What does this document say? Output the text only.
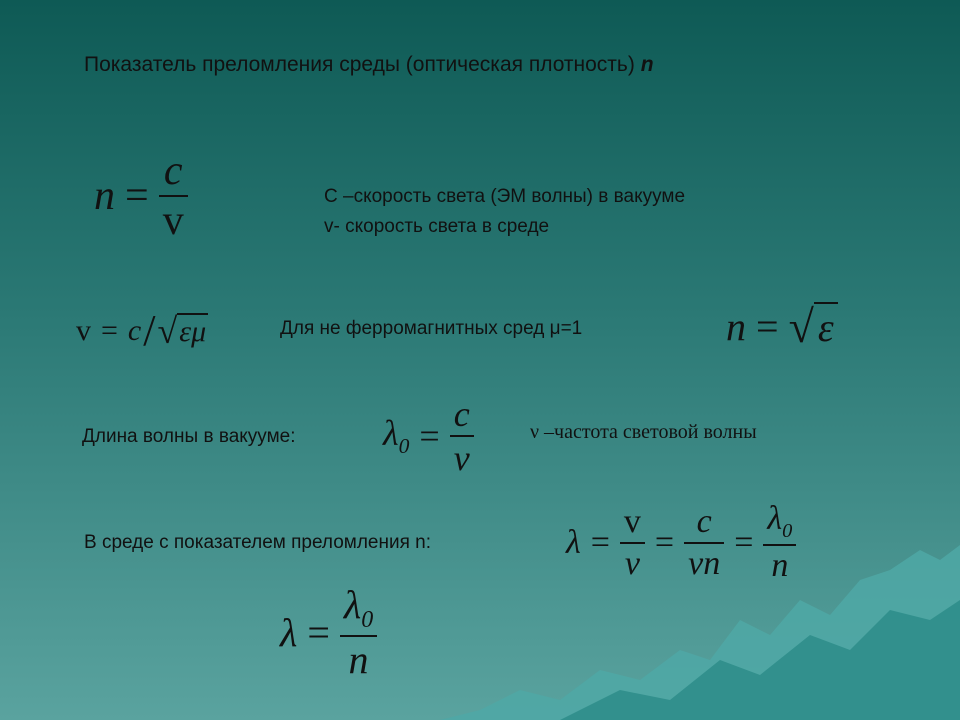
Показатель преломления среды (оптическая плотность) n
$n = \frac{c}{v}$	С –скорость света (ЭМ волны) в вакууме
v- скорость света в среде
v = c / √ εμ	Для не ферромагнитных сред μ=1	n = √ ε
Длина волны в вакууме: $\lambda_0 = \frac{c}{\nu}$	ν –частота световой волны
В среде с показателем преломления n:	$\lambda = \frac{v}{\nu} = \frac{c}{\nu n} = \frac{\lambda_0}{n}$
$\lambda = \frac{\lambda_0}{n}$
